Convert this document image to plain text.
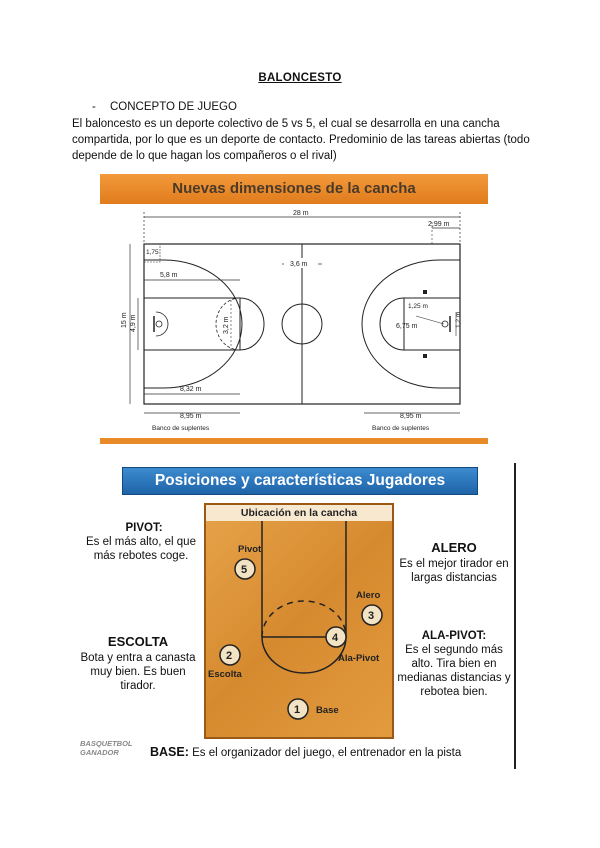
BALONCESTO
- CONCEPTO DE JUEGO
El baloncesto es un deporte colectivo de 5 vs 5, el cual se desarrolla en una cancha compartida, por lo que es un deporte de contacto. Predominio de las tareas abiertas (todo depende de lo que hagan los compañeros o el rival)
Nuevas dimensiones de la cancha
28 m
15 m 4,9 m
1,75
5,8 m
3,2 m
8,32 m
3,6 m
2,99 m
1,25 m
6,75 m	1,2 m
8,95 m	8,95 m
Banco de suplentes	Banco de suplentes
Posiciones y características Jugadores
PIVOT:
Es el más alto, el que más rebotes coge.
ESCOLTA
Bota y entra a canasta muy bien. Es buen tirador.
ALERO
Es el mejor tirador en largas distancias
ALA-PIVOT:
Es el segundo más alto. Tira bien en medianas distancias y rebotea bien.
Ubicación en la cancha
5
Pivot
3
Alero
4
Ala-Pivot
2
Escolta
1 Base
BASQUETBOL GANADOR	BASE: Es el organizador del juego, el entrenador en la pista
